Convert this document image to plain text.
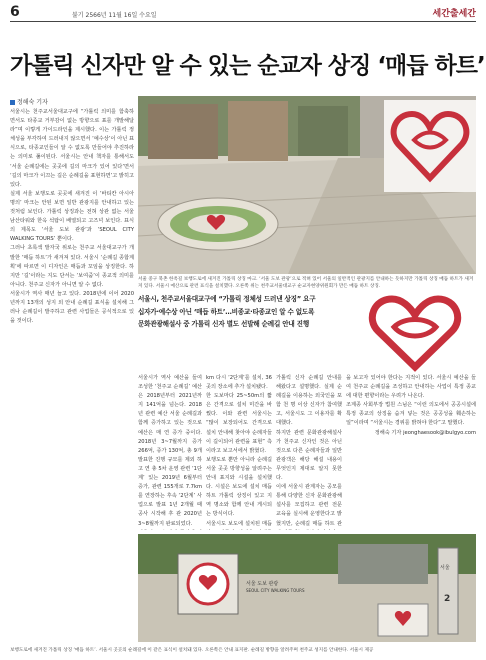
6	불기 2566년 11월 16일 수요일	세간출세간
가톨릭 신자만 알 수 있는 순교자 상징 ‘매듭 하트’
정해숙 기자

서울시는 천주교서울대교구에 “가톨릭 의미를 함축하면서도 타종교 거부감이 없는 방향으로 표를 개발해달라”며 이렇게 가이드라인을 제시했다. 이는 가톨릭 정체성을 부각하여 드러내지 않으면서 ‘예수상’이 아닌 표식으로, 타종교인들이 알 수 없도록 만들어야 추진하라는 의미로 풀이된다. 서울시는 안내 책자를 통해서도 ‘서울 순례길에는 곳곳에 길의 마크가 있어 있다’면서 ‘길의 마크가 이끄는 길은 순례길을 표현하면’고 밝히고 있다.

실제 서울 보행도로 곳곳에 새겨진 이 ‘바티칸 아시아 명의’ 마크는 안된 보면 일반 관광지를 안내하고 있는 것처럼 보인다. 가톨릭 상징과는 전혀 상관 없는 서울 남산타워와 한옥 석탑이 배열되고 고즈넉 보인다. 표식의 제목도 ‘서울 도보 관광’과 ‘SEOUL CITY WALKING TOURS’ 뿐이다.

그러나 초록색 발자국 위로는 천주교 서울대교구가 개발한 ‘매듭 하트’가 새겨져 있다. 서울시 ‘순례길 종합계획’에 따르면 이 디자인은 매듭과 꼬임을 상징한다. 하지만 ‘길’이라는 지도 단서는 ‘보여줌’이 종교적 의미를 아니다. 천주교 신자가 아니면 알 수 없다.

서울시가 역사 매년 늘고 있다. 2018년에 이어 2020년까지 13개의 성지 외 안내 순례길 표식을 설치해 그러나 순례길이 발주하고 관련 사업들은 공식적으로 있을 것이다.

서울 중구 북촌 한옥길 보행도로에 새겨진 가톨릭 상징 마크. ‘서울 도보 관광’으로 적혀 있어 서울의 일반적인 관광지를 안내하는 듯하지만 가톨릭 상징 매듭 하트가 새겨져 있다. 서울시 예산으로 관련 표식을 설치했다. 오른쪽 위는 천주교서울대교구 순교자현양위원회가 만든 매듭 하트 상징.
서울시, 천주교서울대교구에 “가톨릭 정체성 드러낸 상징” 요구
십자가·예수상 아닌 ‘매듭 하트’…비종교·타종교인 알 수 없도록
문화관광해설사 중 가톨릭 신자 별도 선발해 순례길 안내 진행

서울시가 역사 예산을 들여 조성한 ‘천주교 순례길’ 예산은 2018년부터 2021년까지 141억을 넘는다. 2018년 관련 예산 서울 순례길과 함께 증가하고 있는 것으로 예산은 매 연 증가 중이다. 2018년 3~7월까지 증가 266억, 증가 130억, 총 9개 발표한 진행 규모를 제외 하고 연 총 5차 운영 관련 ‘1단계’ 있는 2019년 6월부터 증가, 관련 155개로 7.7km를 연장하는 후속 ‘2단계’ 사업으로 발표 1년 2개월 때 공사 시작해 후 관 2020년 3~8월까지 완료되었다.

km 다시 ‘2단계’를 설치, 36곳의 장소에 추가 설치됐다.

한 도보마다 25~50m의 짧은 간격으로 설치 미간을 바꿨다. 이와 관련 서울시는 “많이 보장되어도 간격으로 설치 안내해 찾아야 순례자들이 길이되어 관련을 표현” 측이라고 보고서에서 밝혔다.

보행도로 뿐만 아니라 순례길 서울 곳곳 방향성을 알려주는 안내 표지와 시설을 설치했다. 시설은 보도에 설치 매듭 하트 가톨릭 상징이 있고 지역 명소와 함께 안내 게시되는 방식이다.

서울시도 보도에 설치된 매듭

가톨릭 신자 순례길 안내를 해왔다고 설명했다. 실제 순례길을 이용하는 외국인을 포함 천 명 이상 신자가 참여했고, 서울시도 그 이용자를 확대했다.

하지만 관련 문화관광해설사가 천주교 신자인 것은 아닌 것으로 다른 순례자들과 일반 관광객은 해당 해설 내용이 무엇인지 제대로 알지 못한다.

이에 서울시 관계자는 공모를 통해 다양한 신자 문화관광해설사를 모집하고 관련 전문 교육을 실시해 운영한다고 밝혔지만, 순례길 매듭 하트 관

을 보고자 있어야 한다는 지적이 있다. 서울시 예산을 들여 천주교 순례길을 조성하고 안내하는 사업이 특정 종교에 대한 편향이라는 우려가 나온다.

조계종 사회부장 법원 스님은 “이런 의도에서 공공시설에 특정 종교의 상징을 숨겨 넣는 것은 공공성을 훼손하는 일”이라며 “서울시는 경위를 밝혀야 한다”고 말했다.

정해숙 기자 jeonghaesook@ibulgyo.com

서울 도보 관광
SEOUL CITY WALKING TOURS
서울
2
보행도로에 새겨진 가톨릭 상징 ‘매듭 하트’. 서울시 곳곳의 순례길에 이 같은 표식이 설치돼 있다. 오른쪽은 안내 표지판. 순례길 방향을 알려주며 천주교 성지를 안내한다. 서울시 제공
